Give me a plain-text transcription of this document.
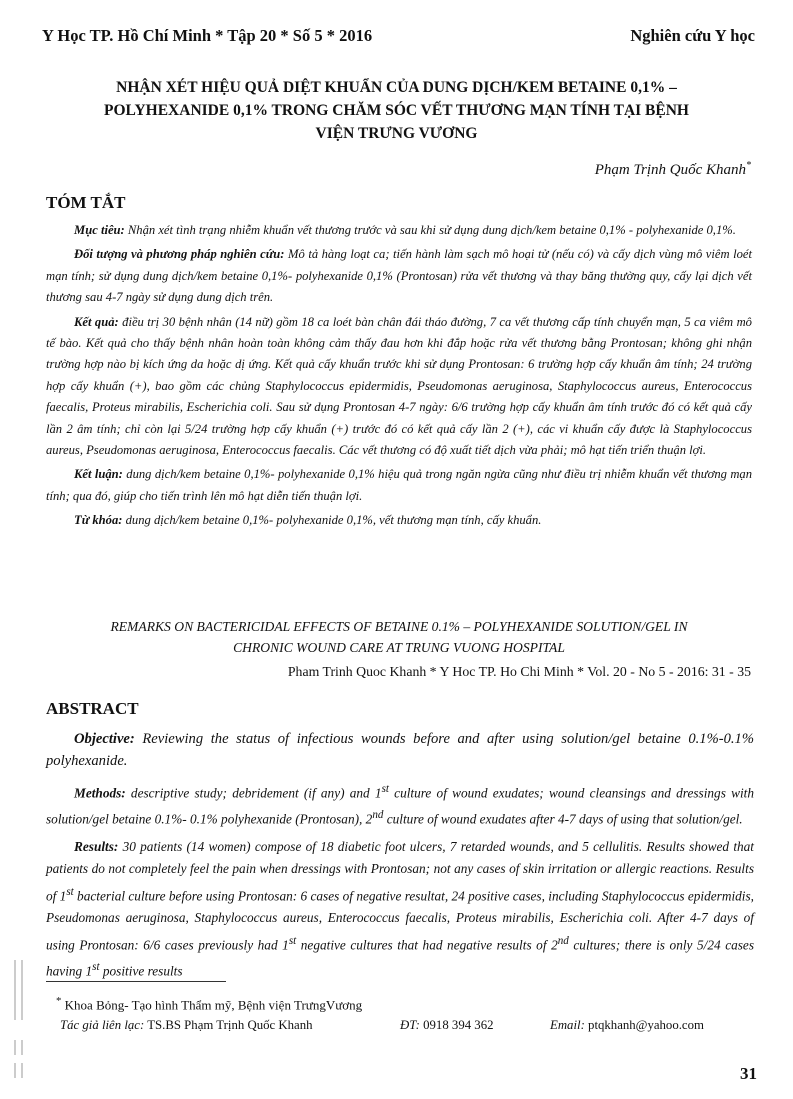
Y Học TP. Hồ Chí Minh * Tập 20 * Số 5 * 2016	Nghiên cứu Y học
NHẬN XÉT HIỆU QUẢ DIỆT KHUẨN CỦA DUNG DỊCH/KEM BETAINE 0,1% –
POLYHEXANIDE 0,1% TRONG CHĂM SÓC VẾT THƯƠNG MẠN TÍNH TẠI BỆNH
VIỆN TRƯNG VƯƠNG
Phạm Trịnh Quốc Khanh*
TÓM TẮT

Mục tiêu: Nhận xét tình trạng nhiễm khuẩn vết thương trước và sau khi sử dụng dung dịch/kem betaine 0,1% - polyhexanide 0,1%.

Đối tượng và phương pháp nghiên cứu: Mô tả hàng loạt ca; tiến hành làm sạch mô hoại tử (nếu có) và cấy dịch vùng mô viêm loét mạn tính; sử dụng dung dịch/kem betaine 0,1%- polyhexanide 0,1% (Prontosan) rửa vết thương và thay băng thường quy, cấy lại dịch vết thương sau 4-7 ngày sử dụng dung dịch trên.

Kết quả: điều trị 30 bệnh nhân (14 nữ) gồm 18 ca loét bàn chân đái tháo đường, 7 ca vết thương cấp tính chuyển mạn, 5 ca viêm mô tế bào. Kết quả cho thấy bệnh nhân hoàn toàn không cảm thấy đau hơn khi đắp hoặc rửa vết thương bằng Prontosan; không ghi nhận trường hợp nào bị kích ứng da hoặc dị ứng. Kết quả cấy khuẩn trước khi sử dụng Prontosan: 6 trường hợp cấy khuẩn âm tính; 24 trường hợp cấy khuẩn (+), bao gồm các chủng Staphylococcus epidermidis, Pseudomonas aeruginosa, Staphylococcus aureus, Enterococcus faecalis, Proteus mirabilis, Escherichia coli. Sau sử dụng Prontosan 4-7 ngày: 6/6 trường hợp cấy khuẩn âm tính trước đó có kết quả cấy lần 2 âm tính; chỉ còn lại 5/24 trường hợp cấy khuẩn (+) trước đó có kết quả cấy lần 2 (+), các vi khuẩn cấy được là Staphylococcus aureus, Pseudomonas aeruginosa, Enterococcus faecalis. Các vết thương có độ xuất tiết dịch vừa phải; mô hạt tiến triển thuận lợi.

Kết luận: dung dịch/kem betaine 0,1%- polyhexanide 0,1% hiệu quả trong ngăn ngừa cũng như điều trị nhiễm khuẩn vết thương mạn tính; qua đó, giúp cho tiến trình lên mô hạt diễn tiến thuận lợi.

Từ khóa: dung dịch/kem betaine 0,1%- polyhexanide 0,1%, vết thương mạn tính, cấy khuẩn.

REMARKS ON BACTERICIDAL EFFECTS OF BETAINE 0.1% – POLYHEXANIDE SOLUTION/GEL IN
CHRONIC WOUND CARE AT TRUNG VUONG HOSPITAL
Pham Trinh Quoc Khanh * Y Hoc TP. Ho Chi Minh * Vol. 20 - No 5 - 2016: 31 - 35
ABSTRACT

Objective: Reviewing the status of infectious wounds before and after using solution/gel betaine 0.1%-0.1% polyhexanide.

Methods: descriptive study; debridement (if any) and 1st culture of wound exudates; wound cleansings and dressings with solution/gel betaine 0.1%- 0.1% polyhexanide (Prontosan), 2nd culture of wound exudates after 4-7 days of using that solution/gel.

Results: 30 patients (14 women) compose of 18 diabetic foot ulcers, 7 retarded wounds, and 5 cellulitis. Results showed that patients do not completely feel the pain when dressings with Prontosan; not any cases of skin irritation or allergic reactions. Results of 1st bacterial culture before using Prontosan: 6 cases of negative resultat, 24 positive cases, including Staphylococcus epidermidis, Pseudomonas aeruginosa, Staphylococcus aureus, Enterococcus faecalis, Proteus mirabilis, Escherichia coli. After 4-7 days of using Prontosan: 6/6 cases previously had 1st negative cultures that had negative results of 2nd cultures; there is only 5/24 cases having 1st positive results

* Khoa Bỏng- Tạo hình Thẩm mỹ, Bệnh viện TrưngVương
Tác giả liên lạc: TS.BS Phạm Trịnh Quốc Khanh	ĐT: 0918 394 362	Email: ptqkhanh@yahoo.com
31
